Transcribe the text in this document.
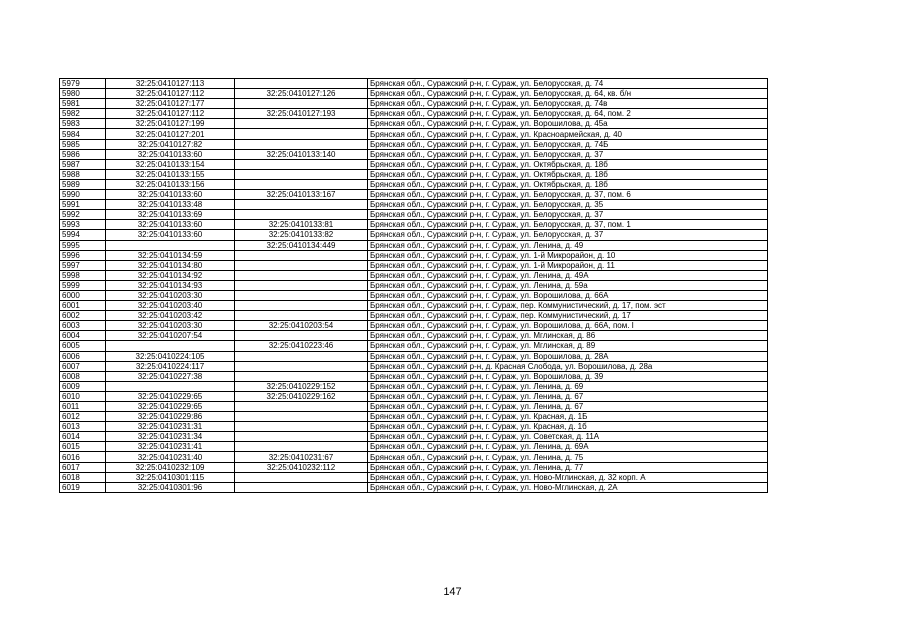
5979	32:25:0410127:113		Брянская обл., Суражский р-н, г. Сураж, ул. Белорусская, д. 74
5980	32:25:0410127:112	32:25:0410127:126	Брянская обл., Суражский р-н, г. Сураж, ул. Белорусская, д. 64, кв. б/н
5981	32:25:0410127:177		Брянская обл., Суражский р-н, г. Сураж, ул. Белорусская, д. 74в
5982	32:25:0410127:112	32:25:0410127:193	Брянская обл., Суражский р-н, г. Сураж, ул. Белорусская, д. 64, пом. 2
5983	32:25:0410127:199		Брянская обл., Суражский р-н, г. Сураж, ул. Ворошилова, д. 45а
5984	32:25:0410127:201		Брянская обл., Суражский р-н, г. Сураж, ул. Красноармейская, д. 40
5985	32:25:0410127:82		Брянская обл., Суражский р-н, г. Сураж, ул. Белорусская, д. 74Б
5986	32:25:0410133:60	32:25:0410133:140	Брянская обл., Суражский р-н, г. Сураж, ул. Белорусская, д. 37
5987	32:25:0410133:154		Брянская обл., Суражский р-н, г. Сураж, ул. Октябрьская, д. 18б
5988	32:25:0410133:155		Брянская обл., Суражский р-н, г. Сураж, ул. Октябрьская, д. 18б
5989	32:25:0410133:156		Брянская обл., Суражский р-н, г. Сураж, ул. Октябрьская, д. 18б
5990	32:25:0410133:60	32:25:0410133:167	Брянская обл., Суражский р-н, г. Сураж, ул. Белорусская, д. 37, пом. 6
5991	32:25:0410133:48		Брянская обл., Суражский р-н, г. Сураж, ул. Белорусская, д. 35
5992	32:25:0410133:69		Брянская обл., Суражский р-н, г. Сураж, ул. Белорусская, д. 37
5993	32:25:0410133:60	32:25:0410133:81	Брянская обл., Суражский р-н, г. Сураж, ул. Белорусская, д. 37, пом. 1
5994	32:25:0410133:60	32:25:0410133:82	Брянская обл., Суражский р-н, г. Сураж, ул. Белорусская, д. 37
5995		32:25:0410134:449	Брянская обл., Суражский р-н, г. Сураж, ул. Ленина, д. 49
5996	32:25:0410134:59		Брянская обл., Суражский р-н, г. Сураж, ул. 1-й Микрорайон, д. 10
5997	32:25:0410134:80		Брянская обл., Суражский р-н, г. Сураж, ул. 1-й Микрорайон, д. 11
5998	32:25:0410134:92		Брянская обл., Суражский р-н, г. Сураж, ул. Ленина, д. 49А
5999	32:25:0410134:93		Брянская обл., Суражский р-н, г. Сураж, ул. Ленина, д. 59а
6000	32:25:0410203:30		Брянская обл., Суражский р-н, г. Сураж, ул. Ворошилова, д. 66А
6001	32:25:0410203:40		Брянская обл., Суражский р-н, г. Сураж, пер. Коммунистический, д. 17, пом. эст
6002	32:25:0410203:42		Брянская обл., Суражский р-н, г. Сураж, пер. Коммунистический, д. 17
6003	32:25:0410203:30	32:25:0410203:54	Брянская обл., Суражский р-н, г. Сураж, ул. Ворошилова, д. 66А, пом. I
6004	32:25:0410207:54		Брянская обл., Суражский р-н, г. Сураж, ул. Мглинская, д. 86
6005		32:25:0410223:46	Брянская обл., Суражский р-н, г. Сураж, ул. Мглинская, д. 89
6006	32:25:0410224:105		Брянская обл., Суражский р-н, г. Сураж, ул. Ворошилова, д. 28А
6007	32:25:0410224:117		Брянская обл., Суражский р-н, д. Красная Слобода, ул. Ворошилова, д. 28а
6008	32:25:0410227:38		Брянская обл., Суражский р-н, г. Сураж, ул. Ворошилова, д. 39
6009		32:25:0410229:152	Брянская обл., Суражский р-н, г. Сураж, ул. Ленина, д. 69
6010	32:25:0410229:65	32:25:0410229:162	Брянская обл., Суражский р-н, г. Сураж, ул. Ленина, д. 67
6011	32:25:0410229:65		Брянская обл., Суражский р-н, г. Сураж, ул. Ленина, д. 67
6012	32:25:0410229:86		Брянская обл., Суражский р-н, г. Сураж, ул. Красная, д. 1Б
6013	32:25:0410231:31		Брянская обл., Суражский р-н, г. Сураж, ул. Красная, д. 1б
6014	32:25:0410231:34		Брянская обл., Суражский р-н, г. Сураж, ул. Советская, д. 11А
6015	32:25:0410231:41		Брянская обл., Суражский р-н, г. Сураж, ул. Ленина, д. 69А
6016	32:25:0410231:40	32:25:0410231:67	Брянская обл., Суражский р-н, г. Сураж, ул. Ленина, д. 75
6017	32:25:0410232:109	32:25:0410232:112	Брянская обл., Суражский р-н, г. Сураж, ул. Ленина, д. 77
6018	32:25:0410301:115		Брянская обл., Суражский р-н, г. Сураж, ул. Ново-Мглинская, д. 32 корп. А
6019	32:25:0410301:96		Брянская обл., Суражский р-н, г. Сураж, ул. Ново-Мглинская, д. 2А
147
